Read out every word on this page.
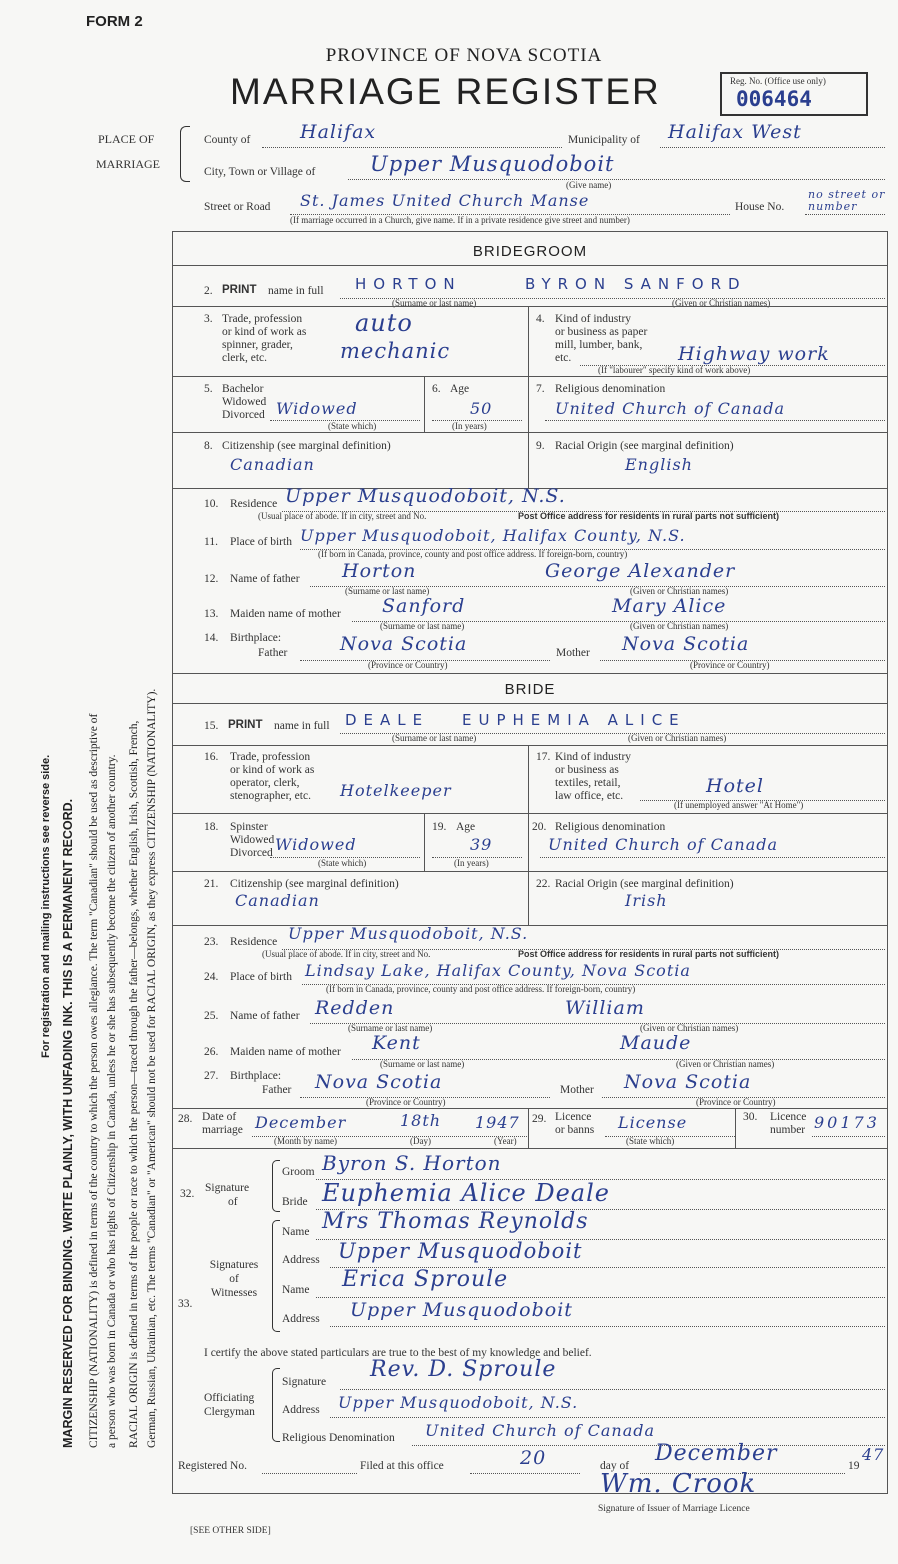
FORM 2
PROVINCE OF NOVA SCOTIA
MARRIAGE REGISTER	Reg. No. (Office use only)
006464
PLACE OF
MARRIAGE
County of	Halifax	Municipality of Halifax West
City, Town or Village of	Upper Musquodoboit
(Give name)
Street or Road St. James United Church Manse	House No.
no street or number
(If marriage occurred in a Church, give name. If in a private residence give street and number)
BRIDEGROOM
2. PRINT name in full HORTON	BYRON SANFORD
(Surname or last name)	(Given or Christian names)
3. Trade, profession
or kind of work as
spinner, grader,
clerk, etc.
auto
mechanic
4. Kind of industry
or business as paper
mill, lumber, bank,
etc.	Highway work
(If "labourer" specify kind of work above)
5. Bachelor
Widowed
Divorced Widowed
(State which)
6. Age
50
(In years)
7. Religious denomination
United Church of Canada
8. Citizenship (see marginal definition)
Canadian
9. Racial Origin (see marginal definition)
English
10. Residence Upper Musquodoboit, N.S.
(Usual place of abode. If in city, street and No.	Post Office address for residents in rural parts not sufficient)
11. Place of birth Upper Musquodoboit, Halifax County, N.S.
(If born in Canada, province, county and post office address. If foreign-born, country)
12. Name of father Horton	George Alexander
(Surname or last name)	(Given or Christian names)
13. Maiden name of mother Sanford	Mary Alice
(Surname or last name)	(Given or Christian names)
14. Birthplace:
Father	Nova Scotia	Mother Nova Scotia
(Province or Country)	(Province or Country)
BRIDE
15. PRINT name in full DEALE EUPHEMIA ALICE
(Surname or last name)	(Given or Christian names)
16. Trade, profession
or kind of work as
operator, clerk,
stenographer, etc. Hotelkeeper
17. Kind of industry
or business as
textiles, retail,
law office, etc.	Hotel
(If unemployed answer "At Home")
18. Spinster
Widowed
Divorced Widowed
(State which)
19. Age
39
(In years)
20. Religious denomination
United Church of Canada
21. Citizenship (see marginal definition)
Canadian
22. Racial Origin (see marginal definition)
Irish
23. Residence Upper Musquodoboit, N.S.
(Usual place of abode. If in city, street and No.	Post Office address for residents in rural parts not sufficient)
24. Place of birth Lindsay Lake, Halifax County, Nova Scotia
(If born in Canada, province, county and post office address. If foreign-born, country)
25. Name of father Redden	William
(Surname or last name)	(Given or Christian names)
26. Maiden name of mother Kent	Maude
(Surname or last name)	(Given or Christian names)
27. Birthplace:
Father Nova Scotia	Mother Nova Scotia
(Province or Country)	(Province or Country)
28. Date of
marriage December	18th 1947
(Month by name)	(Day)	(Year)
29. Licence
or banns License
(State which)
30. Licence
number 90173
32. Signature
of
Groom Byron S. Horton
Bride Euphemia Alice Deale
33.
Signatures
of
Witnesses
Name Mrs Thomas Reynolds
Address Upper Musquodoboit
Name Erica Sproule
Address Upper Musquodoboit
I certify the above stated particulars are true to the best of my knowledge and belief.
Officiating
Clergyman
Signature Rev. D. Sproule
Address Upper Musquodoboit, N.S.
Religious Denomination United Church of Canada
Registered No.	Filed at this office	20	day of December	19
47
Wm. Crook
Signature of Issuer of Marriage Licence
[SEE OTHER SIDE]
For registration and mailing instructions see reverse side. MARGIN RESERVED FOR BINDING. WRITE PLAINLY, WITH UNFADING INK. THIS IS A PERMANENT RECORD. CITIZENSHIP (NATIONALITY) is defined in terms of the country to which the person owes allegiance. The term "Canadian" should be used as descriptive of a person who was born in Canada or who has rights of Citizenship in Canada, unless he or she has subsequently become the citizen of another country. RACIAL ORIGIN is defined in terms of the people or race to which the person—traced through the father—belongs, whether English, Irish, Scottish, French, German, Russian, Ukrainian, etc. The terms "Canadian" or "American" should not be used for RACIAL ORIGIN, as they express CITIZENSHIP (NATIONALITY).
